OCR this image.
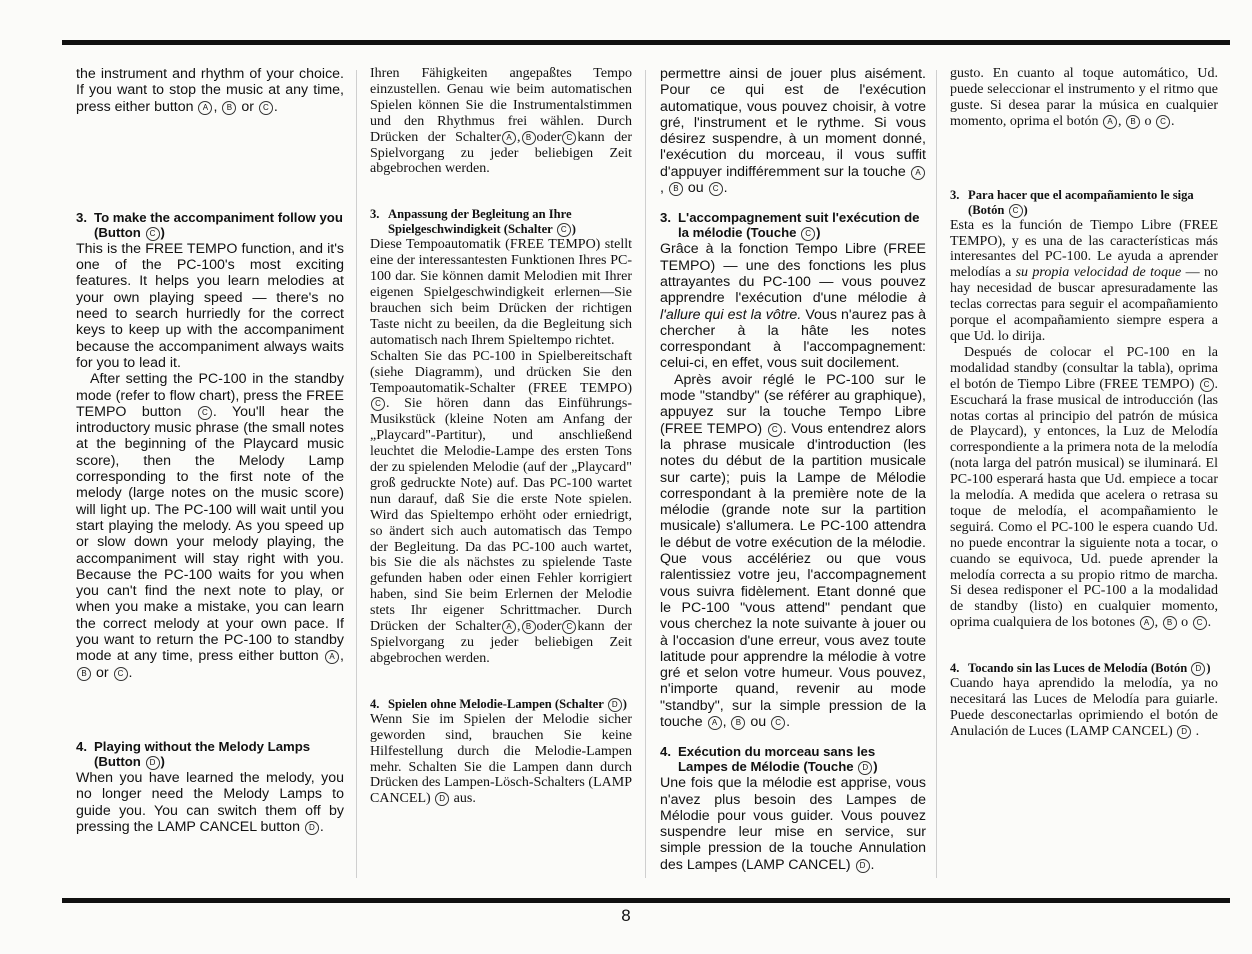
the instrument and rhythm of your choice. If you want to stop the music at any time, press either button A , B or C .

3. To make the accompaniment follow you (Button C )

This is the FREE TEMPO function, and it's one of the PC-100's most exciting features. It helps you learn melodies at your own playing speed — there's no need to search hurriedly for the correct keys to keep up with the accompaniment because the accompaniment always waits for you to lead it.

After setting the PC-100 in the standby mode (refer to flow chart), press the FREE TEMPO button	C . You'll hear the introductory music phrase (the small notes at the beginning of the Playcard music score), then the Melody Lamp corresponding to the first note of the melody (large notes on the music score) will light up. The PC-100 will wait until you start playing the melody. As you speed up or slow down your melody playing, the accompaniment will stay right with you. Because the PC-100 waits for you when you can't find the next note to play, or when you make a mistake, you can learn the correct melody at your own pace. If you want to return the PC-100 to standby mode at any time, press either button A , B or C .

4. Playing without the Melody Lamps (Button D )

When you have learned the melody, you no longer need the Melody Lamps to guide you. You can switch them off by pressing the LAMP CANCEL button D .

Ihren Fähigkeiten angepaßtes Tempo einzustellen. Genau wie beim automatischen Spielen können Sie die Instrumentalstimmen und den Rhythmus frei wählen. Durch Drücken der Schalter A , B oder C kann der Spielvorgang zu jeder beliebigen Zeit abgebrochen werden.

3. Anpassung der Begleitung an Ihre Spielgeschwindigkeit (Schalter C )

Diese Tempoautomatik (FREE TEMPO) stellt eine der interessantesten Funktionen Ihres PC-100 dar. Sie können damit Melodien mit Ihrer eigenen Spielgeschwindigkeit erlernen—Sie brauchen sich beim Drücken der richtigen Taste nicht zu beeilen, da die Begleitung sich automatisch nach Ihrem Spieltempo richtet.

Schalten Sie das PC-100 in Spielbereitschaft (siehe Diagramm), und drücken Sie den Tempoautomatik-Schalter (FREE TEMPO) C . Sie hören dann das Einführungs-Musikstück (kleine Noten am Anfang der „Playcard"-Partitur), und anschließend leuchtet die Melodie-Lampe des ersten Tons der zu spielenden Melodie (auf der „Playcard" groß gedruckte Note) auf. Das PC-100 wartet nun darauf, daß Sie die erste Note spielen. Wird das Spieltempo erhöht oder erniedrigt, so ändert sich auch automatisch das Tempo der Begleitung. Da das PC-100 auch wartet, bis Sie die als nächstes zu spielende Taste gefunden haben oder einen Fehler korrigiert haben, sind Sie beim Erlernen der Melodie stets Ihr eigener Schrittmacher. Durch Drücken der Schalter A , B oder C kann der Spielvorgang zu jeder beliebigen Zeit abgebrochen werden.

4. Spielen ohne Melodie-Lampen (Schalter D )

Wenn Sie im Spielen der Melodie sicher geworden sind, brauchen Sie keine Hilfestellung durch die Melodie-Lampen mehr. Schalten Sie die Lampen dann durch Drücken des Lampen-Lösch-Schalters (LAMP CANCEL) D aus.

permettre ainsi de jouer plus aisément. Pour ce qui est de l'exécution automatique, vous pouvez choisir, à votre gré, l'instrument et le rythme. Si vous désirez suspendre, à un moment donné, l'exécution du morceau, il vous suffit d'appuyer indifféremment sur la touche A, B ou C .

3. L'accompagnement suit l'exécution de la mélodie (Touche C )

Grâce à la fonction Tempo Libre (FREE TEMPO) — une des fonctions les plus attrayantes du PC-100 — vous pouvez apprendre l'exécution d'une mélodie à l'allure qui est la vôtre. Vous n'aurez pas à chercher à la hâte les notes correspondant à l'accompagnement: celui-ci, en effet, vous suit docilement.

Après avoir réglé le PC-100 sur le mode "standby" (se référer au graphique), appuyez sur la touche Tempo Libre (FREE TEMPO) C . Vous entendrez alors la phrase musicale d'introduction (les notes du début de la partition musicale sur carte); puis la Lampe de Mélodie correspondant à la première note de la mélodie (grande note sur la partition musicale) s'allumera. Le PC-100 attendra le début de votre exécution de la mélodie. Que vous accélériez ou que vous ralentissiez votre jeu, l'accompagnement vous suivra fidèlement. Etant donné que le PC-100 "vous attend" pendant que vous cherchez la note suivante à jouer ou à l'occasion d'une erreur, vous avez toute latitude pour apprendre la mélodie à votre gré et selon votre humeur. Vous pouvez, n'importe quand, revenir au mode "standby", sur la simple pression de la touche A , B ou C .

4. Exécution du morceau sans les Lampes de Mélodie (Touche D )

Une fois que la mélodie est apprise, vous n'avez plus besoin des Lampes de Mélodie pour vous guider. Vous pouvez suspendre leur mise en service, sur simple pression de la touche Annulation des Lampes (LAMP CANCEL) D .

gusto. En cuanto al toque automático, Ud. puede seleccionar el instrumento y el ritmo que guste. Si desea parar la música en cualquier momento, oprima el botón A , B o C .

3. Para hacer que el acompañamiento le siga (Botón C )

Esta es la función de Tiempo Libre (FREE TEMPO), y es una de las características más interesantes del PC-100. Le ayuda a aprender melodías a su propia velocidad de toque — no hay necesidad de buscar apresuradamente las teclas correctas para seguir el acompañamiento porque el acompañamiento siempre espera a que Ud. lo dirija.

Después de colocar el PC-100 en la modalidad standby (consultar la tabla), oprima el botón de Tiempo Libre (FREE TEMPO) C . Escuchará la frase musical de introducción (las notas cortas al principio del patrón de música de Playcard), y entonces, la Luz de Melodía correspondiente a la primera nota de la melodía (nota larga del patrón musical) se iluminará. El PC-100 esperará hasta que Ud. empiece a tocar la melodía. A medida que acelera o retrasa su toque de melodía, el acompañamiento le seguirá. Como el PC-100 le espera cuando Ud. no puede encontrar la siguiente nota a tocar, o cuando se equivoca, Ud. puede aprender la melodía correcta a su propio ritmo de marcha. Si desea redisponer el PC-100 a la modalidad de standby (listo) en cualquier momento, oprima cualquiera de los botones A , B o C .

4. Tocando sin las Luces de Melodía (Botón D )

Cuando haya aprendido la melodía, ya no necesitará las Luces de Melodía para guiarle. Puede desconectarlas oprimiendo el botón de Anulación de Luces (LAMP CANCEL) D .

8
